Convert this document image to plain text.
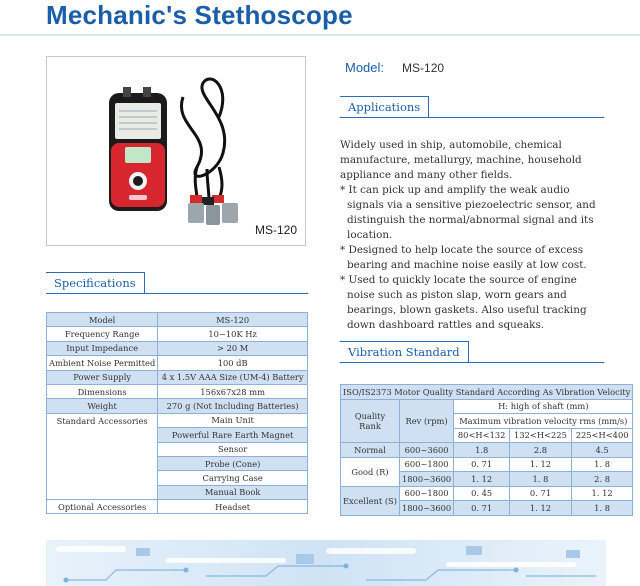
Mechanic's Stethoscope
MS-120
Model: MS-120
Applications

Widely used in ship, automobile, chemical manufacture, metallurgy, machine, household appliance and many other fields.

* It can pick up and amplify the weak audio signals via a sensitive piezoelectric sensor, and distinguish the normal/abnormal signal and its location.

* Designed to help locate the source of excess bearing and machine noise easily at low cost.

* Used to quickly locate the source of engine noise such as piston slap, worn gears and bearings, blown gaskets. Also useful tracking down dashboard rattles and squeaks.

Specifications
Model	MS-120
Frequency Range	10~10K Hz
Input Impedance	> 20 M
Ambient Noise Permitted	100 dB
Power Supply	4 x 1.5V AAA Size (UM-4) Battery
Dimensions	156x67x28 mm
Weight	270 g (Not Including Batteries)
Standard Accessories	Main Unit
	Powerful Rare Earth Magnet
	Sensor
	Probe (Cone)
	Carrying Case
	Manual Book
Optional Accessories	Headset
Vibration Standard
ISO/IS2373 Motor Quality Standard According As Vibration Velocity				
Quality Rank	Rev (rpm)	H: high of shaft (mm)		
		Maximum vibration velocity rms (mm/s)		
		80<H<132	132<H<225	225<H<400
Normal	600~3600	1.8	2.8	4.5
Good (R)	600~1800	0. 71	1. 12	1. 8
	1800~3600	1. 12	1. 8	2. 8
Excellent (S)	600~1800	0. 45	0. 71	1. 12
	1800~3600	0. 71	1. 12	1. 8
